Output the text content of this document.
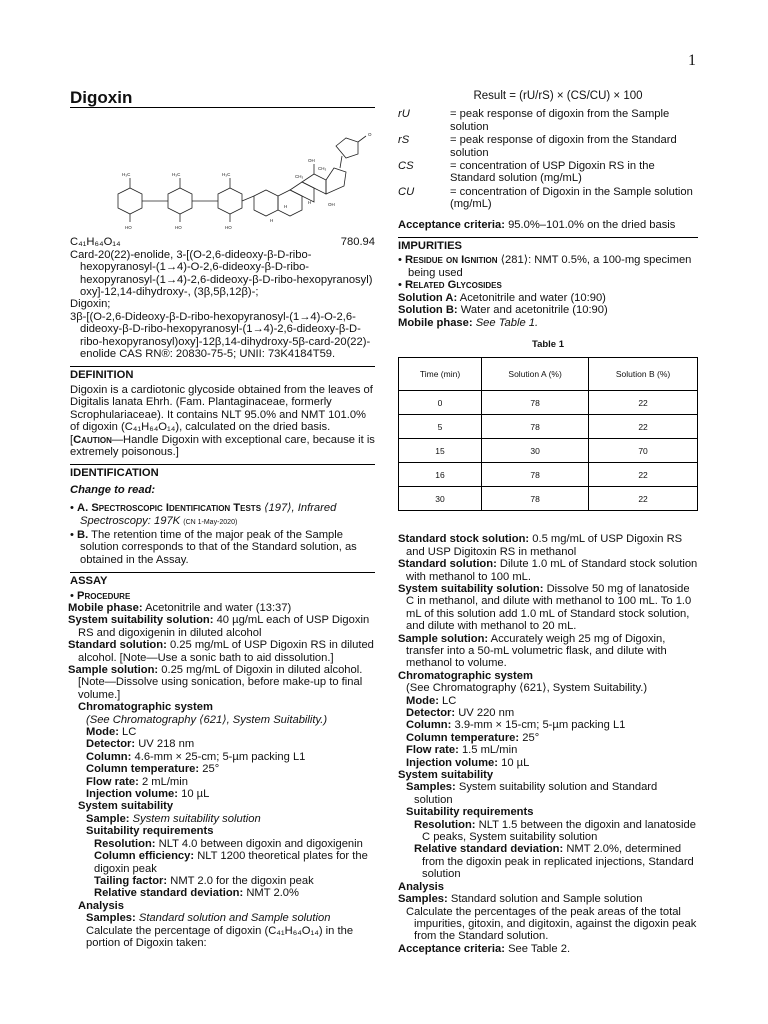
1
Digoxin
H₃C	H₃C	H₃C
HO	HO	HO
OH
OH
CH₃
CH₃
O
H
H
H
C₄₁H₆₄O₁₄	780.94

Card-20(22)-enolide, 3-[(O-2,6-dideoxy-β-D-ribo-hexopyranosyl-(1→4)-O-2,6-dideoxy-β-D-ribo-hexopyranosyl-(1→4)-2,6-dideoxy-β-D-ribo-hexopyranosyl) oxy]-12,14-dihydroxy-, (3β,5β,12β)-;

Digoxin;

3β-[(O-2,6-Dideoxy-β-D-ribo-hexopyranosyl-(1→4)-O-2,6-dideoxy-β-D-ribo-hexopyranosyl-(1→4)-2,6-dideoxy-β-D-ribo-hexopyranosyl)oxy]-12β,14-dihydroxy-5β-card-20(22)-enolide CAS RN®: 20830-75-5; UNII: 73K4184T59.

DEFINITION

Digoxin is a cardiotonic glycoside obtained from the leaves of Digitalis lanata Ehrh. (Fam. Plantaginaceae, formerly Scrophulariaceae). It contains NLT 95.0% and NMT 101.0% of digoxin (C₄₁H₆₄O₁₄), calculated on the dried basis.

[Caution—Handle Digoxin with exceptional care, because it is extremely poisonous.]

IDENTIFICATION

Change to read:

• A. Spectroscopic Identification Tests ⟨197⟩, Infrared Spectroscopy: 197K (CN 1-May-2020)

• B. The retention time of the major peak of the Sample solution corresponds to that of the Standard solution, as obtained in the Assay.

ASSAY

• Procedure

Mobile phase: Acetonitrile and water (13:37)

System suitability solution: 40 µg/mL each of USP Digoxin RS and digoxigenin in diluted alcohol

Standard solution: 0.25 mg/mL of USP Digoxin RS in diluted alcohol. [Note—Use a sonic bath to aid dissolution.]

Sample solution: 0.25 mg/mL of Digoxin in diluted alcohol. [Note—Dissolve using sonication, before make-up to final volume.]

Chromatographic system

(See Chromatography ⟨621⟩, System Suitability.)

Mode: LC

Detector: UV 218 nm

Column: 4.6-mm × 25-cm; 5-µm packing L1

Column temperature: 25°

Flow rate: 2 mL/min

Injection volume: 10 µL

System suitability

Sample: System suitability solution

Suitability requirements

Resolution: NLT 4.0 between digoxin and digoxigenin

Column efficiency: NLT 1200 theoretical plates for the digoxin peak

Tailing factor: NMT 2.0 for the digoxin peak

Relative standard deviation: NMT 2.0%

Analysis

Samples: Standard solution and Sample solution

Calculate the percentage of digoxin (C₄₁H₆₄O₁₄) in the portion of Digoxin taken:

Result = (rU/rS) × (CS/CU) × 100

rU	= peak response of digoxin from the Sample solution
rS	= peak response of digoxin from the Standard solution
CS	= concentration of USP Digoxin RS in the Standard solution (mg/mL)
CU	= concentration of Digoxin in the Sample solution (mg/mL)

Acceptance criteria: 95.0%–101.0% on the dried basis

IMPURITIES

• Residue on Ignition ⟨281⟩: NMT 0.5%, a 100-mg specimen being used

• Related Glycosides

Solution A: Acetonitrile and water (10:90)

Solution B: Water and acetonitrile (10:90)

Mobile phase: See Table 1.

Table 1
Time (min)	Solution A (%)	Solution B (%)
0	78	22
5	78	22
15	30	70
16	78	22
30	78	22

Standard stock solution: 0.5 mg/mL of USP Digoxin RS and USP Digitoxin RS in methanol

Standard solution: Dilute 1.0 mL of Standard stock solution with methanol to 100 mL.

System suitability solution: Dissolve 50 mg of lanatoside C in methanol, and dilute with methanol to 100 mL. To 1.0 mL of this solution add 1.0 mL of Standard stock solution, and dilute with methanol to 20 mL.

Sample solution: Accurately weigh 25 mg of Digoxin, transfer into a 50-mL volumetric flask, and dilute with methanol to volume.

Chromatographic system

(See Chromatography ⟨621⟩, System Suitability.)

Mode: LC

Detector: UV 220 nm

Column: 3.9-mm × 15-cm; 5-µm packing L1

Column temperature: 25°

Flow rate: 1.5 mL/min

Injection volume: 10 µL

System suitability

Samples: System suitability solution and Standard solution

Suitability requirements

Resolution: NLT 1.5 between the digoxin and lanatoside C peaks, System suitability solution

Relative standard deviation: NMT 2.0%, determined from the digoxin peak in replicated injections, Standard solution

Analysis

Samples: Standard solution and Sample solution

Calculate the percentages of the peak areas of the total impurities, gitoxin, and digitoxin, against the digoxin peak from the Standard solution.

Acceptance criteria: See Table 2.
